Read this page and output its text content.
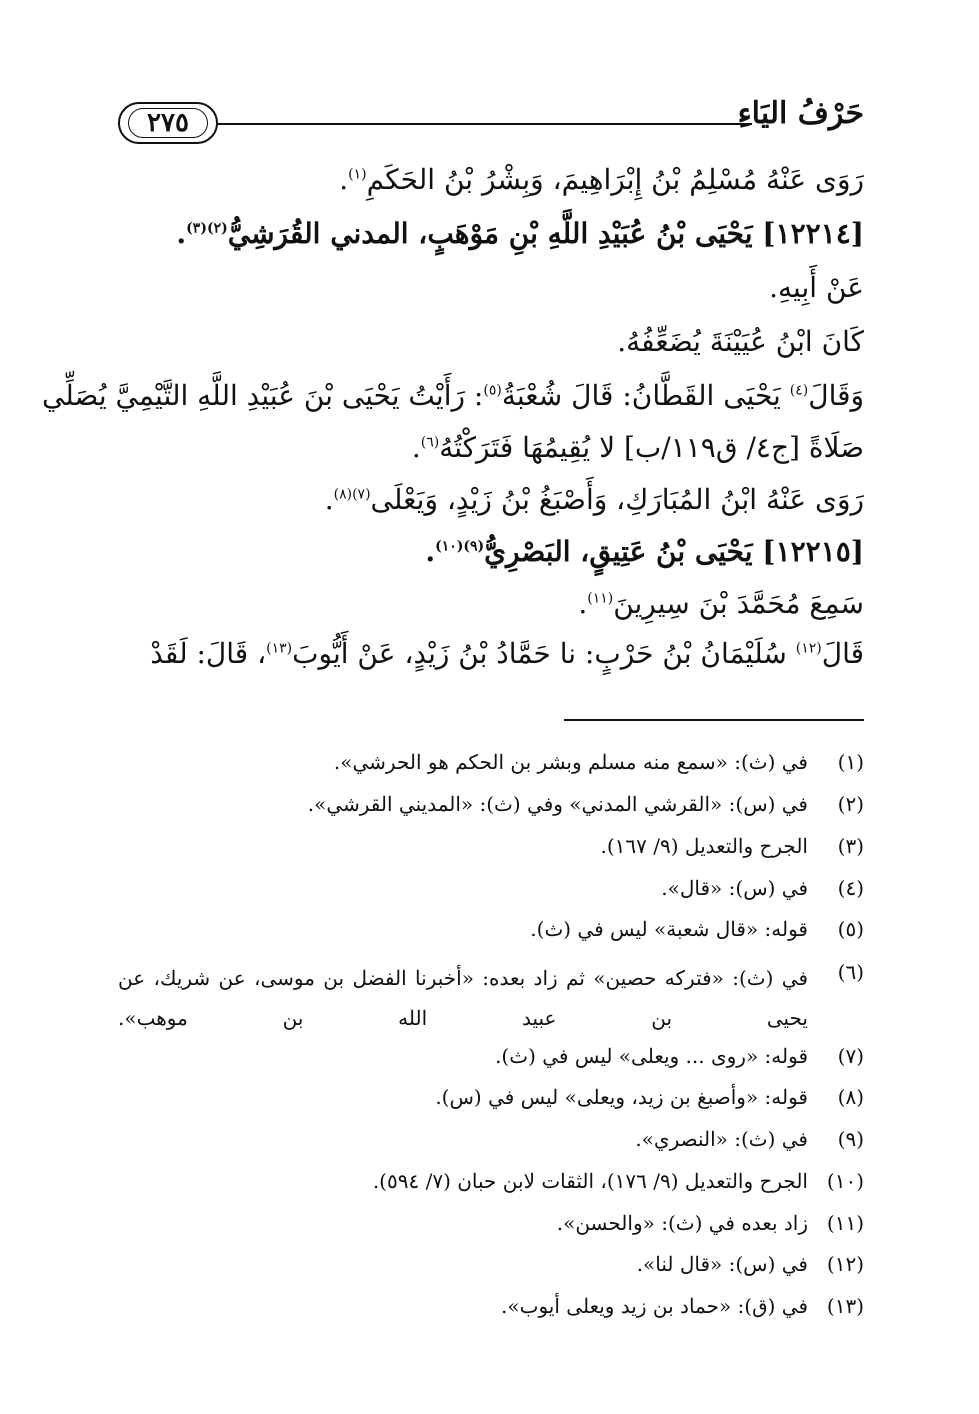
٢٧٥	حَرْفُ اليَاءِ
رَوَى عَنْهُ مُسْلِمُ بْنُ إِبْرَاهِيمَ، وَبِشْرُ بْنُ الحَكَمِ$^{(١)}$.
[١٢٢١٤] يَحْيَى بْنُ عُبَيْدِ اللَّهِ بْنِ مَوْهَبٍ، المدني القُرَشِيُّ$^{(٢)(٣)}$.
عَنْ أَبِيهِ.
كَانَ ابْنُ عُيَيْنَةَ يُضَعِّفُهُ.
وَقَالَ$^{(٤)}$ يَحْيَى القَطَّانُ: قَالَ شُعْبَةُ$^{(٥)}$: رَأَيْتُ يَحْيَى بْنَ عُبَيْدِ اللَّهِ التَّيْمِيَّ يُصَلِّي
صَلَاةً [ج٤/ ق١١٩/ب] لا يُقِيمُهَا فَتَرَكْتُهُ$^{(٦)}$.
رَوَى عَنْهُ ابْنُ المُبَارَكِ، وَأَصْبَغُ بْنُ زَيْدٍ، وَيَعْلَى$^{(٧)(٨)}$.
[١٢٢١٥] يَحْيَى بْنُ عَتِيقٍ، البَصْرِيُّ$^{(٩)(١٠)}$.
سَمِعَ مُحَمَّدَ بْنَ سِيرِينَ$^{(١١)}$.
قَالَ$^{(١٢)}$ سُلَيْمَانُ بْنُ حَرْبٍ: نا حَمَّادُ بْنُ زَيْدٍ، عَنْ أَيُّوبَ$^{(١٣)}$، قَالَ: لَقَدْ
(١)
في (ث): «سمع منه مسلم وبشر بن الحكم هو الحرشي».
(٢)
في (س): «القرشي المدني» وفي (ث): «المديني القرشي».
(٣)
الجرح والتعديل (٩/ ١٦٧).
(٤)
في (س): «قال».
(٥)
قوله: «قال شعبة» ليس في (ث).
(٦)
في (ث): «فتركه حصين» ثم زاد بعده: «أخبرنا الفضل بن موسى، عن شريك، عن يحيى بن عبيد الله بن موهب».
(٧)
قوله: «روى ... ويعلى» ليس في (ث).
(٨)
قوله: «وأصبغ بن زيد، ويعلى» ليس في (س).
(٩)
في (ث): «النصري».
(١٠)
الجرح والتعديل (٩/ ١٧٦)، الثقات لابن حبان (٧/ ٥٩٤).
(١١)
زاد بعده في (ث): «والحسن».
(١٢)
في (س): «قال لنا».
(١٣)
في (ق): «حماد بن زيد ويعلى أيوب».
